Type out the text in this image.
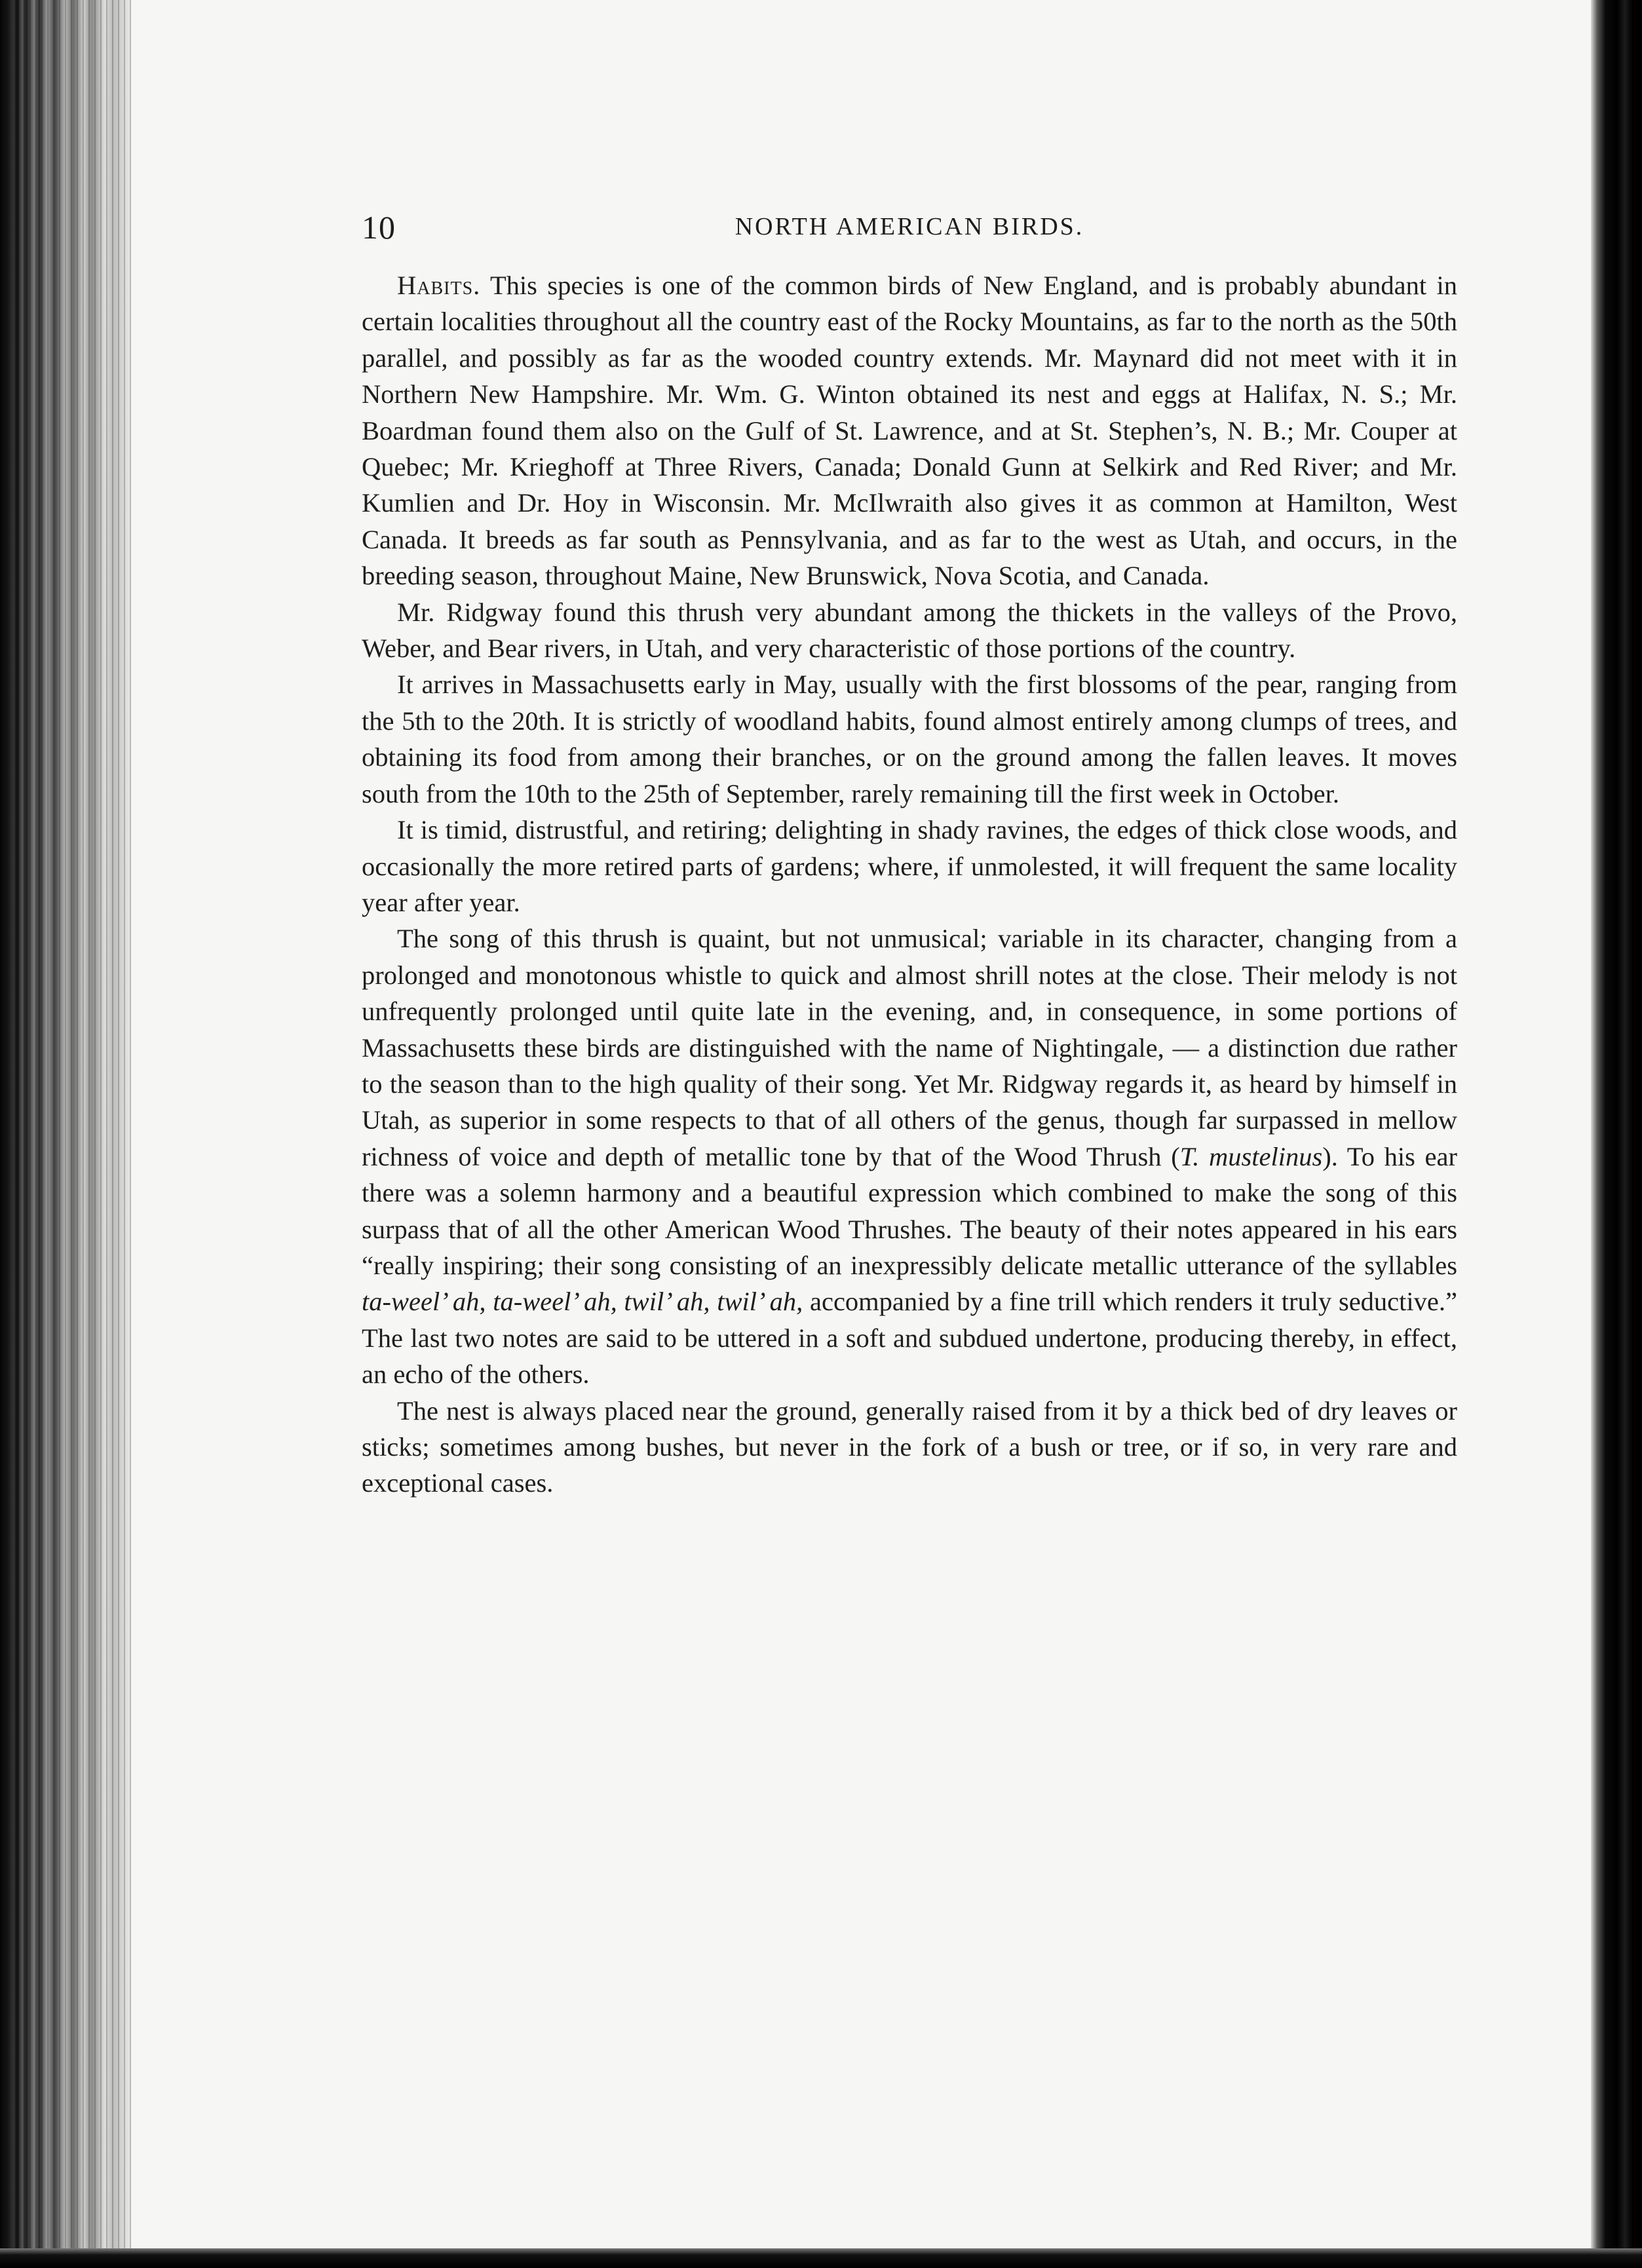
10	NORTH AMERICAN BIRDS.

Habits. This species is one of the common birds of New England, and is probably abundant in certain localities throughout all the country east of the Rocky Mountains, as far to the north as the 50th parallel, and possibly as far as the wooded country extends. Mr. Maynard did not meet with it in Northern New Hampshire. Mr. Wm. G. Winton obtained its nest and eggs at Halifax, N. S.; Mr. Boardman found them also on the Gulf of St. Lawrence, and at St. Stephen’s, N. B.; Mr. Couper at Quebec; Mr. Krieghoff at Three Rivers, Canada; Donald Gunn at Selkirk and Red River; and Mr. Kumlien and Dr. Hoy in Wisconsin. Mr. McIlwraith also gives it as common at Hamilton, West Canada. It breeds as far south as Pennsylvania, and as far to the west as Utah, and occurs, in the breeding season, throughout Maine, New Brunswick, Nova Scotia, and Canada.

Mr. Ridgway found this thrush very abundant among the thickets in the valleys of the Provo, Weber, and Bear rivers, in Utah, and very characteristic of those portions of the country.

It arrives in Massachusetts early in May, usually with the first blossoms of the pear, ranging from the 5th to the 20th. It is strictly of woodland habits, found almost entirely among clumps of trees, and obtaining its food from among their branches, or on the ground among the fallen leaves. It moves south from the 10th to the 25th of September, rarely remaining till the first week in October.

It is timid, distrustful, and retiring; delighting in shady ravines, the edges of thick close woods, and occasionally the more retired parts of gardens; where, if unmolested, it will frequent the same locality year after year.

The song of this thrush is quaint, but not unmusical; variable in its character, changing from a prolonged and monotonous whistle to quick and almost shrill notes at the close. Their melody is not unfrequently prolonged until quite late in the evening, and, in consequence, in some portions of Massachusetts these birds are distinguished with the name of Nightingale, — a distinction due rather to the season than to the high quality of their song. Yet Mr. Ridgway regards it, as heard by himself in Utah, as superior in some respects to that of all others of the genus, though far surpassed in mellow richness of voice and depth of metallic tone by that of the Wood Thrush (T. mustelinus). To his ear there was a solemn harmony and a beautiful expression which combined to make the song of this surpass that of all the other American Wood Thrushes. The beauty of their notes appeared in his ears “really inspiring; their song consisting of an inexpressibly delicate metallic utterance of the syllables ta-weel’ ah, ta-weel’ ah, twil’ ah, twil’ ah, accompanied by a fine trill which renders it truly seductive.” The last two notes are said to be uttered in a soft and subdued undertone, producing thereby, in effect, an echo of the others.

The nest is always placed near the ground, generally raised from it by a thick bed of dry leaves or sticks; sometimes among bushes, but never in the fork of a bush or tree, or if so, in very rare and exceptional cases.
